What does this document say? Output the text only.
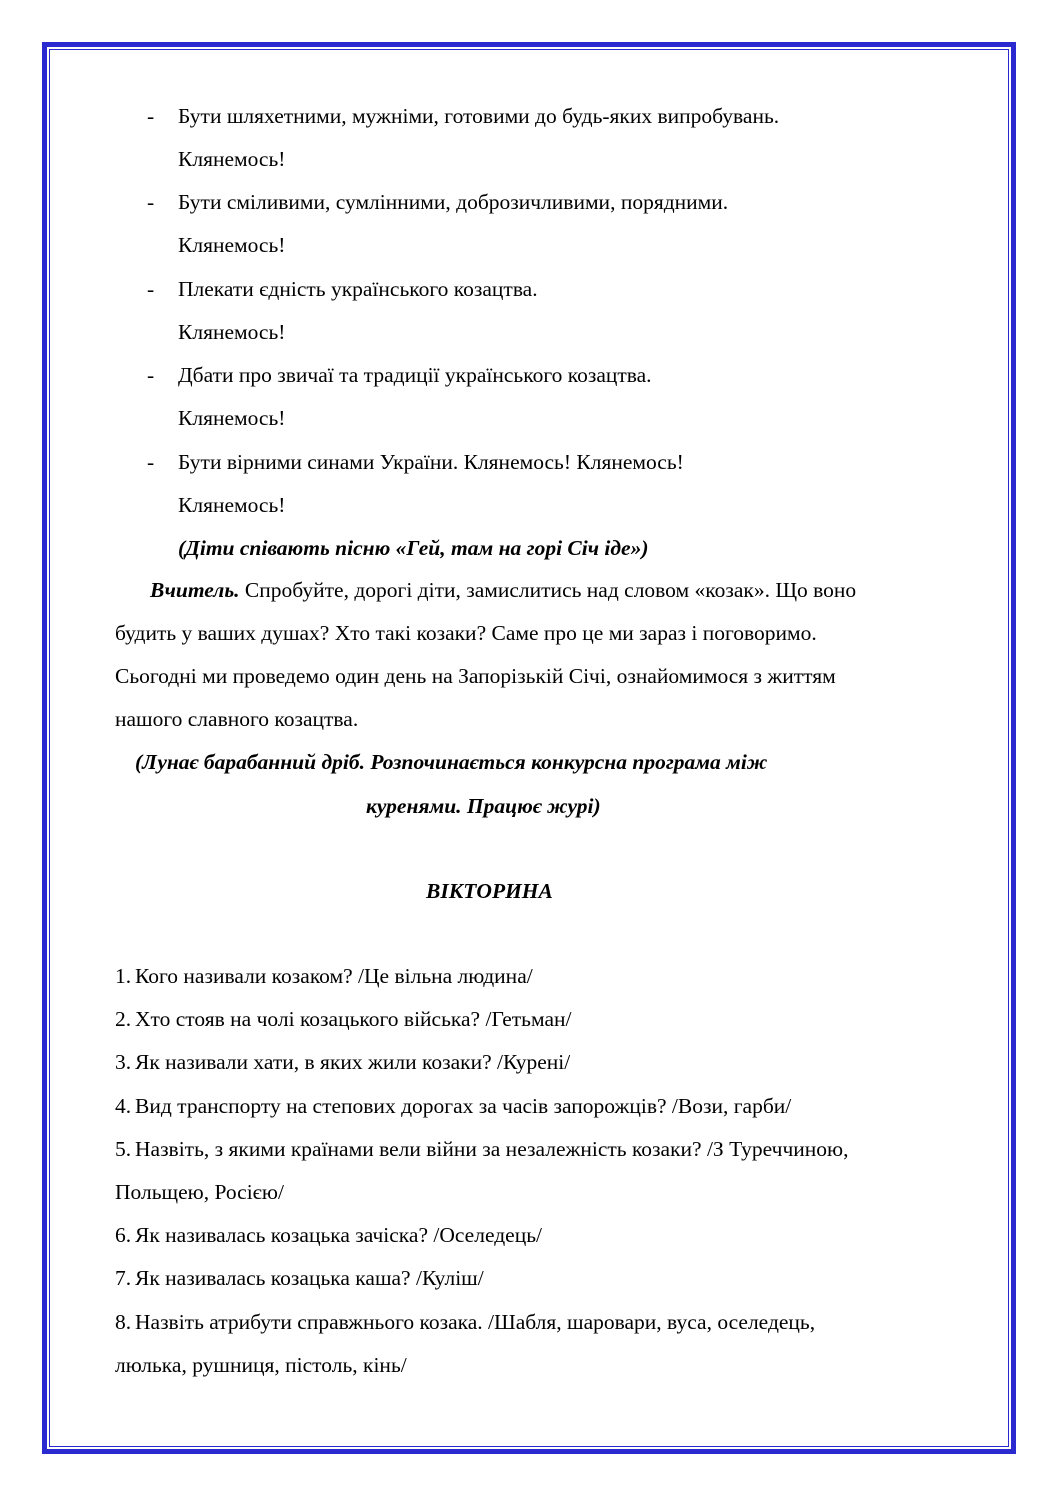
- Бути шляхетними, мужніми, готовими до будь-яких випробувань.
Клянемось!
- Бути сміливими, сумлінними, доброзичливими, порядними.
Клянемось!
- Плекати єдність українського козацтва.
Клянемось!
- Дбати про звичаї та традиції українського козацтва.
Клянемось!
- Бути вірними синами України. Клянемось! Клянемось!
Клянемось!
(Діти співають пісню «Гей, там на горі Січ іде»)
Вчитель. Спробуйте, дорогі діти, замислитись над словом «козак». Що воно
будить у ваших душах? Хто такі козаки? Саме про це ми зараз і поговоримо.
Сьогодні ми проведемо один день на Запорізькій Січі, ознайомимося з життям
нашого славного козацтва.
(Лунає барабанний дріб. Розпочинається конкурсна програма між
куренями. Працює журі)
ВІКТОРИНА
1. Кого називали козаком? /Це вільна людина/
2. Хто стояв на чолі козацького війська? /Гетьман/
3. Як називали хати, в яких жили козаки? /Курені/
4. Вид транспорту на степових дорогах за часів запорожців? /Вози, гарби/
5. Назвіть, з якими країнами вели війни за незалежність козаки? /З Туреччиною,
Польщею, Росією/
6. Як називалась козацька зачіска? /Оселедець/
7. Як називалась козацька каша? /Куліш/
8. Назвіть атрибути справжнього козака. /Шабля, шаровари, вуса, оселедець,
люлька, рушниця, пістоль, кінь/
